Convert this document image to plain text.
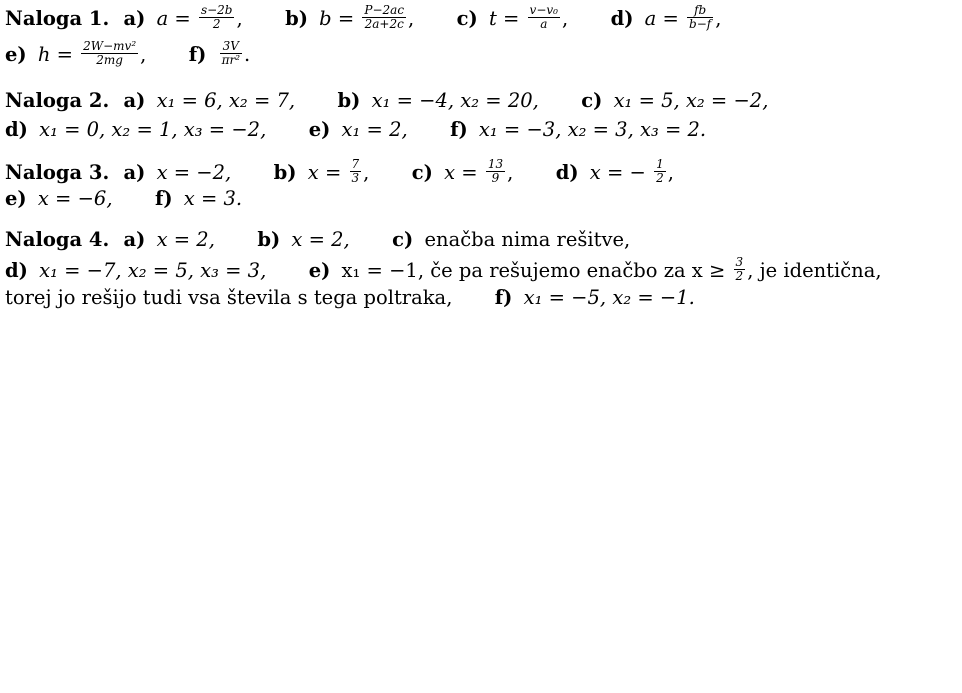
Naloga 1. a) $a = \frac{s-2b}{2}$ , b) $b = \frac{P-2ac}{2a+2c}$ , c) $t = \frac{\text{v−v₀}}{a}$ , d) $a = \frac{fb}{b-f}$ ,
e) $h = \frac{\text{2W−mv²}}{2mg}$ , $f) \frac{3V}{\text{πr²}}$ .
Naloga 2. a) x₁ = 6, x₂ = 7, b) x₁ = −4, x₂ = 20, c) x₁ = 5, x₂ = −2,
d) x₁ = 0, x₂ = 1, x₃ = −2, e) x₁ = 2, f) x₁ = −3, x₂ = 3, x₃ = 2.
Naloga 3. a) x = −2, b) $x = \frac{7}{3}$ , c) $x = \frac{13}{9}$ , d) x = − $\frac{1}{2}$ ,
e) x = −6, f) x = 3.
Naloga 4. a) x = 2, b) x = 2, c) enačba nima rešitve,
d) x₁ = −7, x₂ = 5, x₃ = 3, e) x₁ = −1, če pa rešujemo enačbo za $x \ge \frac{3}{2}$ , je identična,
torej jo rešijo tudi vsa števila s tega poltraka, f) x₁ = −5, x₂ = −1.
